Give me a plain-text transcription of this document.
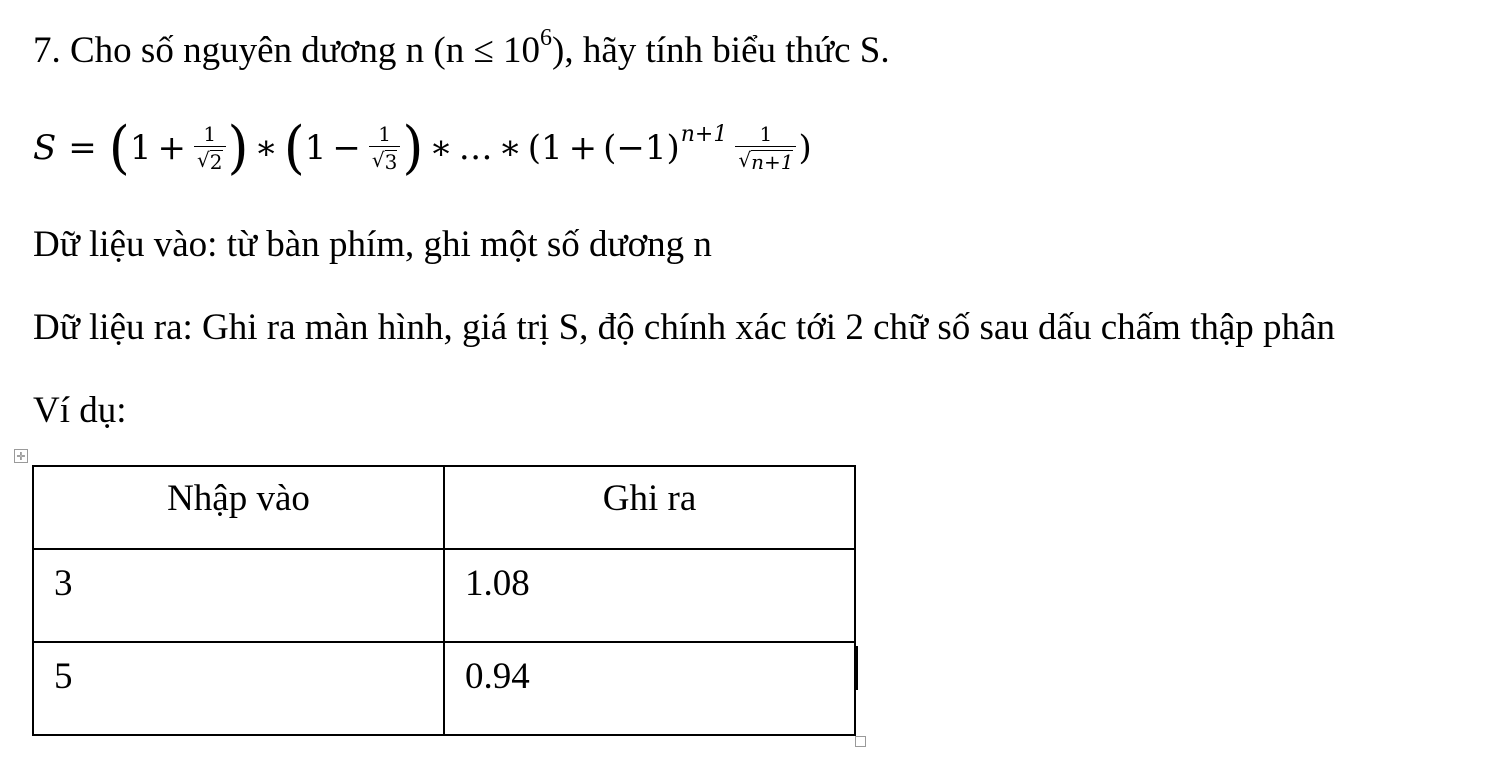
7. Cho số nguyên dương n $(n \le 10^6)$, hãy tính biểu thức S.
S = ( $1 + \frac{1}{√ 2}$ ) ∗ ( $1 - \frac{1}{√ 3}$ ) ∗ … ∗ ( 1 + (−1) $n+1 \frac{1}{√ n+1}$ )
Dữ liệu vào: từ bàn phím, ghi một số dương n
Dữ liệu ra: Ghi ra màn hình, giá trị S, độ chính xác tới 2 chữ số sau dấu chấm thập phân
Ví dụ:
✛
Nhập vào	Ghi ra
3	1.08
5	0.94
